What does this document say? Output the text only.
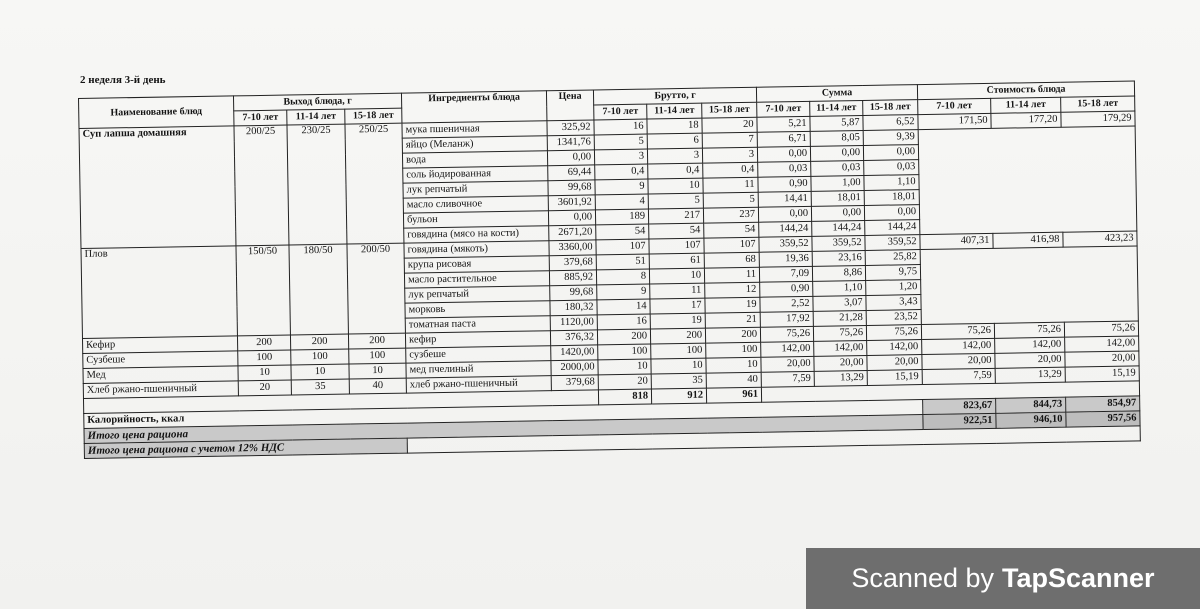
2 неделя 3-й день
Наименование блюд	Выход блюда, г			Ингредиенты блюда	Цена	Брутто, г			Сумма			Стоимость блюда		
	7-10 лет	11-14 лет	15-18 лет			7-10 лет	11-14 лет	15-18 лет	7-10 лет	11-14 лет	15-18 лет	7-10 лет	11-14 лет	15-18 лет

Суп лапша домашняя	200/25	230/25	250/25	мука пшеничная	325,92	16	18	20	5,21	5,87	6,52	171,50	177,20	179,29
				яйцо (Меланж)	1341,76	5	6	7	6,71	8,05	9,39			
				вода	0,00	3	3	3	0,00	0,00	0,00			
				соль йодированная	69,44	0,4	0,4	0,4	0,03	0,03	0,03			
				лук репчатый	99,68	9	10	11	0,90	1,00	1,10			
				масло сливочное	3601,92	4	5	5	14,41	18,01	18,01			
				бульон	0,00	189	217	237	0,00	0,00	0,00			
				говядина (мясо на кости)	2671,20	54	54	54	144,24	144,24	144,24			
Плов	150/50	180/50	200/50	говядина (мякоть)	3360,00	107	107	107	359,52	359,52	359,52	407,31	416,98	423,23
				крупа рисовая	379,68	51	61	68	19,36	23,16	25,82			
				масло растительное	885,92	8	10	11	7,09	8,86	9,75			
				лук репчатый	99,68	9	11	12	0,90	1,10	1,20			
				морковь	180,32	14	17	19	2,52	3,07	3,43			
				томатная паста	1120,00	16	19	21	17,92	21,28	23,52			
Кефир	200	200	200	кефир	376,32	200	200	200	75,26	75,26	75,26	75,26	75,26	75,26
Сузбеше	100	100	100	сузбеше	1420,00	100	100	100	142,00	142,00	142,00	142,00	142,00	142,00
Мед	10	10	10	мед пчелиный	2000,00	10	10	10	20,00	20,00	20,00	20,00	20,00	20,00
Хлеб ржано-пшеничный	20	35	40	хлеб ржано-пшеничный	379,68	20	35	40	7,59	13,29	15,19	7,59	13,29	15,19
						818	912	961						
Калорийность, ккал												823,67	844,73	854,97
Итого цена рациона												922,51	946,10	957,56
Итого цена рациона с учетом 12% НДС														
Scanned by TapScanner
